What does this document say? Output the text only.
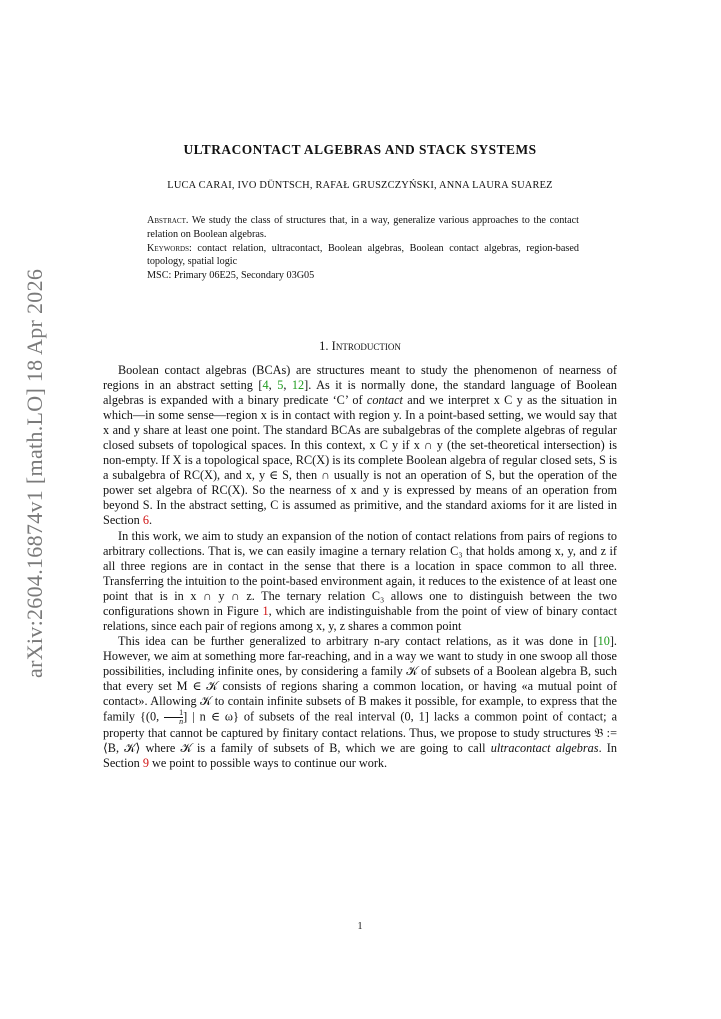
arXiv:2604.16874v1 [math.LO] 18 Apr 2026
ULTRACONTACT ALGEBRAS AND STACK SYSTEMS
LUCA CARAI, IVO DÜNTSCH, RAFAŁ GRUSZCZYŃSKI, ANNA LAURA SUAREZ

Abstract. We study the class of structures that, in a way, generalize various approaches to the contact relation on Boolean algebras.

Keywords: contact relation, ultracontact, Boolean algebras, Boolean contact algebras, region-based topology, spatial logic

MSC: Primary 06E25, Secondary 03G05

1. Introduction

Boolean contact algebras (BCAs) are structures meant to study the phenomenon of nearness of regions in an abstract setting [4, 5, 12]. As it is normally done, the standard language of Boolean algebras is expanded with a binary predicate ‘C’ of contact and we interpret x C y as the situation in which—in some sense—region x is in contact with region y. In a point-based setting, we would say that x and y share at least one point. The standard BCAs are subalgebras of the complete algebras of regular closed subsets of topological spaces. In this context, x C y if x ∩ y (the set-theoretical intersection) is non-empty. If X is a topological space, RC(X) is its complete Boolean algebra of regular closed sets, S is a subalgebra of RC(X), and x, y ∈ S, then ∩ usually is not an operation of S, but the operation of the power set algebra of RC(X). So the nearness of x and y is expressed by means of an operation from beyond S. In the abstract setting, C is assumed as primitive, and the standard axioms for it are listed in Section 6.

In this work, we aim to study an expansion of the notion of contact relations from pairs of regions to arbitrary collections. That is, we can easily imagine a ternary relation C₃ that holds among x, y, and z if all three regions are in contact in the sense that there is a location in space common to all three. Transferring the intuition to the point-based environment again, it reduces to the existence of at least one point that is in x ∩ y ∩ z. The ternary relation C₃ allows one to distinguish between the two configurations shown in Figure 1, which are indistinguishable from the point of view of binary contact relations, since each pair of regions among x, y, z shares a common point

This idea can be further generalized to arbitrary n-ary contact relations, as it was done in [10]. However, we aim at something more far-reaching, and in a way we want to study in one swoop all those possibilities, including infinite ones, by considering a family 𝒦 of subsets of a Boolean algebra B, such that every set M ∈ 𝒦 consists of regions sharing a common location, or having «a mutual point of contact». Allowing 𝒦 to contain infinite subsets of B makes it possible, for example, to express that the family {(0, $\frac{1}{n}$ ] | n ∈ ω} of subsets of the real interval (0, 1] lacks a common point of contact; a property that cannot be captured by finitary contact relations. Thus, we propose to study structures 𝔅 := ⟨B, 𝒦⟩ where 𝒦 is a family of subsets of B, which we are going to call ultracontact algebras. In Section 9 we point to possible ways to continue our work.

1
